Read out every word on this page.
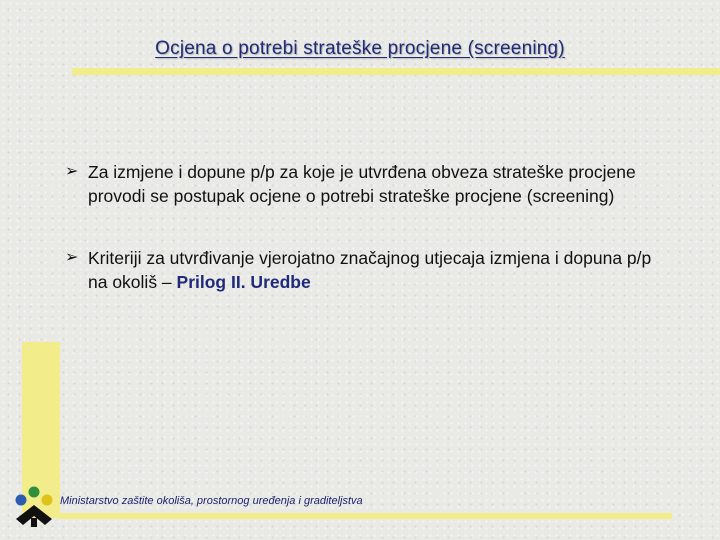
Ocjena o potrebi strateške procjene (screening)
➢ Za izmjene i dopune p/p za koje je utvrđena obveza strateške procjene provodi se postupak ocjene o potrebi strateške procjene (screening)
➢ Kriteriji za utvrđivanje vjerojatno značajnog utjecaja izmjena i dopuna p/p na okoliš – Prilog II. Uredbe
Ministarstvo zaštite okoliša, prostornog uređenja i graditeljstva
